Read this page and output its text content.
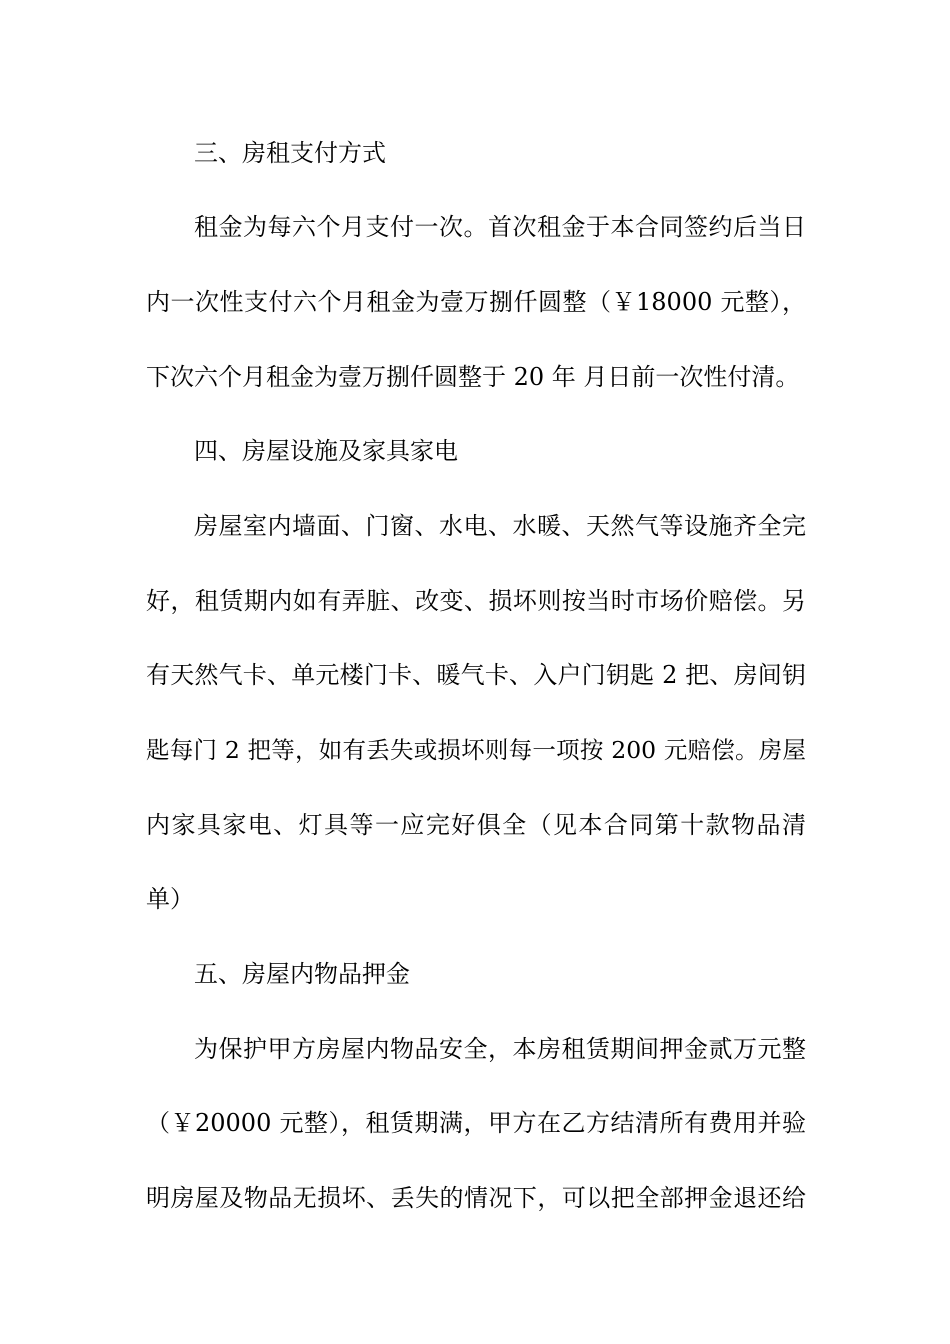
三、房租支付方式
租金为每六个月支付一次。首次租金于本合同签约后当日
内一次性支付六个月租金为壹万捌仟圆整（￥18000 元整），
下次六个月租金为壹万捌仟圆整于 20 年 月日前一次性付清。
四、房屋设施及家具家电
房屋室内墙面、门窗、水电、水暖、天然气等设施齐全完
好，租赁期内如有弄脏、改变、损坏则按当时市场价赔偿。另
有天然气卡、单元楼门卡、暖气卡、入户门钥匙 2 把、房间钥
匙每门 2 把等，如有丢失或损坏则每一项按 200 元赔偿。房屋
内家具家电、灯具等一应完好俱全（见本合同第十款物品清
单）
五、房屋内物品押金
为保护甲方房屋内物品安全，本房租赁期间押金贰万元整
（￥20000 元整），租赁期满，甲方在乙方结清所有费用并验
明房屋及物品无损坏、丢失的情况下，可以把全部押金退还给
